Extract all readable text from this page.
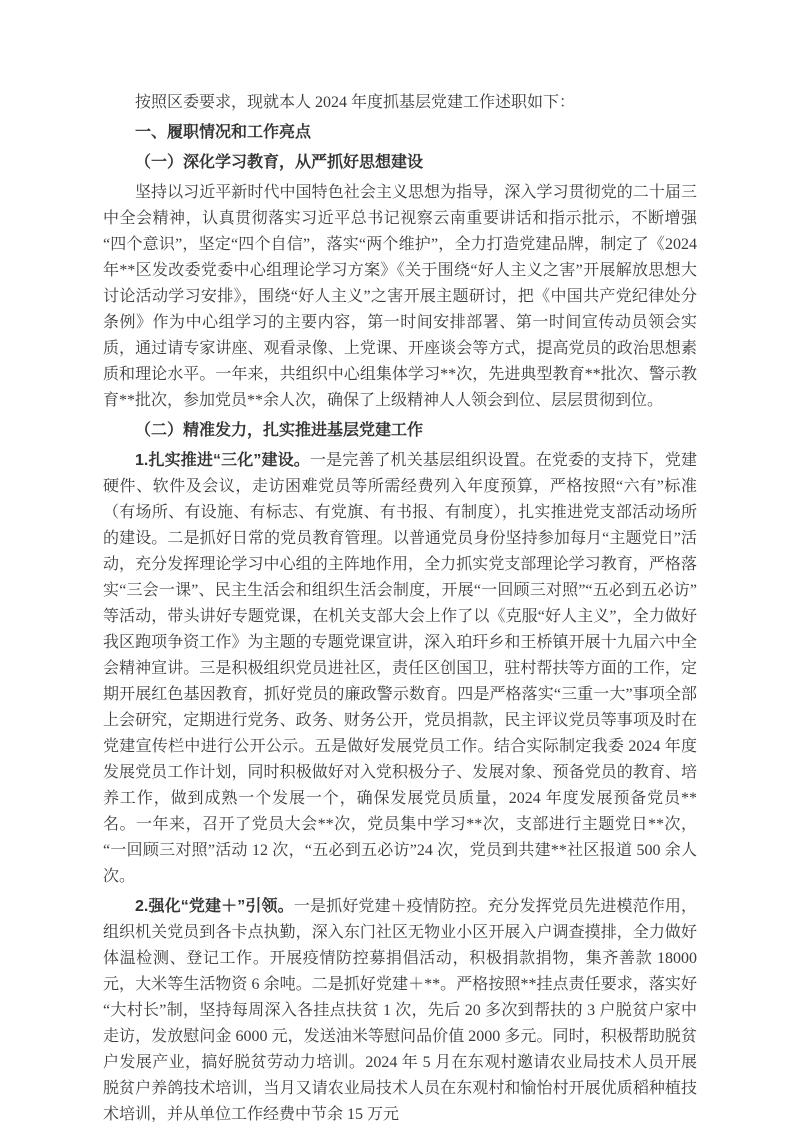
按照区委要求，现就本人 2024 年度抓基层党建工作述职如下：

一、履职情况和工作亮点

（一）深化学习教育，从严抓好思想建设

坚持以习近平新时代中国特色社会主义思想为指导，深入学习贯彻党的二十届三中全会精神，认真贯彻落实习近平总书记视察云南重要讲话和指示批示，不断增强“四个意识”，坚定“四个自信”，落实“两个维护”，全力打造党建品牌，制定了《2024 年**区发改委党委中心组理论学习方案》《关于围绕“好人主义之害”开展解放思想大讨论活动学习安排》，围绕“好人主义”之害开展主题研讨，把《中国共产党纪律处分条例》作为中心组学习的主要内容，第一时间安排部署、第一时间宣传动员领会实质，通过请专家讲座、观看录像、上党课、开座谈会等方式，提高党员的政治思想素质和理论水平。一年来，共组织中心组集体学习**次，先进典型教育**批次、警示教育**批次，参加党员**余人次，确保了上级精神人人领会到位、层层贯彻到位。

（二）精准发力，扎实推进基层党建工作

1.扎实推进“三化”建设。一是完善了机关基层组织设置。在党委的支持下，党建硬件、软件及会议，走访困难党员等所需经费列入年度预算，严格按照“六有”标准（有场所、有设施、有标志、有党旗、有书报、有制度），扎实推进党支部活动场所的建设。二是抓好日常的党员教育管理。以普通党员身份坚持参加每月“主题党日”活动，充分发挥理论学习中心组的主阵地作用，全力抓实党支部理论学习教育，严格落实“三会一课”、民主生活会和组织生活会制度，开展“一回顾三对照”“五必到五必访”等活动，带头讲好专题党课，在机关支部大会上作了以《克服“好人主义”，全力做好我区跑项争资工作》为主题的专题党课宣讲，深入珀玕乡和王桥镇开展十九届六中全会精神宣讲。三是积极组织党员进社区，责任区创国卫，驻村帮扶等方面的工作，定期开展红色基因教育，抓好党员的廉政警示数育。四是严格落实“三重一大”事项全部上会研究，定期进行党务、政务、财务公开，党员捐款，民主评议党员等事项及时在党建宣传栏中进行公开公示。五是做好发展党员工作。结合实际制定我委 2024 年度发展党员工作计划，同时积极做好对入党积极分子、发展对象、预备党员的教育、培养工作，做到成熟一个发展一个，确保发展党员质量，2024 年度发展预备党员**名。一年来，召开了党员大会**次，党员集中学习**次，支部进行主题党日**次，“一回顾三对照”活动 12 次，“五必到五必访”24 次，党员到共建**社区报道 500 余人次。

2.强化“党建＋”引领。一是抓好党建＋疫情防控。充分发挥党员先进模范作用，组织机关党员到各卡点执勤，深入东门社区无物业小区开展入户调查摸排，全力做好体温检测、登记工作。开展疫情防控募捐倡活动，积极捐款捐物，集齐善款 18000 元，大米等生活物资 6 余吨。二是抓好党建＋**。严格按照**挂点责任要求，落实好“大村长”制，坚持每周深入各挂点扶贫 1 次，先后 20 多次到帮扶的 3 户脱贫户家中走访，发放慰问金 6000 元，发送油米等慰问品价值 2000 多元。同时，积极帮助脱贫户发展产业，搞好脱贫劳动力培训。2024 年 5 月在东观村邀请农业局技术人员开展脱贫户养鸽技术培训，当月又请农业局技术人员在东观村和愉怡村开展优质稻种植技术培训，并从单位工作经费中节余 15 万元
